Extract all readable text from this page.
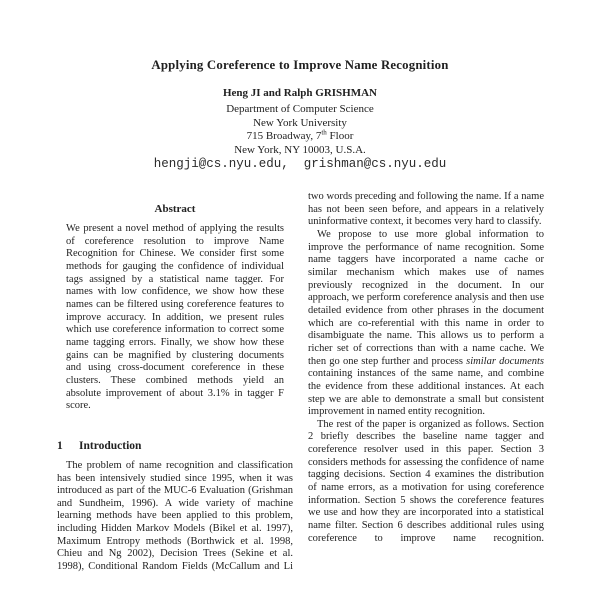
Applying Coreference to Improve Name Recognition
Heng JI and Ralph GRISHMAN
Department of Computer Science
New York University
715 Broadway, 7th Floor
New York, NY 10003, U.S.A.
hengji@cs.nyu.edu,  grishman@cs.nyu.edu
Abstract

We present a novel method of applying the results of coreference resolution to improve Name Recognition for Chinese. We consider first some methods for gauging the confidence of individual tags assigned by a statistical name tagger. For names with low confidence, we show how these names can be filtered using coreference features to improve accuracy. In addition, we present rules which use coreference information to correct some name tagging errors. Finally, we show how these gains can be magnified by clustering documents and using cross-document coreference in these clusters. These combined methods yield an absolute improvement of about 3.1% in tagger F score.

1	Introduction

The problem of name recognition and classification has been intensively studied since 1995, when it was introduced as part of the MUC-6 Evaluation (Grishman and Sundheim, 1996). A wide variety of machine learning methods have been applied to this problem, including Hidden Markov Models (Bikel et al. 1997), Maximum Entropy methods (Borthwick et al. 1998, Chieu and Ng 2002), Decision Trees (Sekine et al. 1998), Conditional Random Fields (McCallum and Li

two words preceding and following the name. If a name has not been seen before, and appears in a relatively uninformative context, it becomes very hard to classify.

We propose to use more global information to improve the performance of name recognition. Some name taggers have incorporated a name cache or similar mechanism which makes use of names previously recognized in the document. In our approach, we perform coreference analysis and then use detailed evidence from other phrases in the document which are co-referential with this name in order to disambiguate the name. This allows us to perform a richer set of corrections than with a name cache. We then go one step further and process similar documents containing instances of the same name, and combine the evidence from these additional instances. At each step we are able to demonstrate a small but consistent improvement in named entity recognition.

The rest of the paper is organized as follows. Section 2 briefly describes the baseline name tagger and coreference resolver used in this paper. Section 3 considers methods for assessing the confidence of name tagging decisions. Section 4 examines the distribution of name errors, as a motivation for using coreference information. Section 5 shows the coreference features we use and how they are incorporated into a statistical name filter. Section 6 describes additional rules using coreference to improve name recognition.
